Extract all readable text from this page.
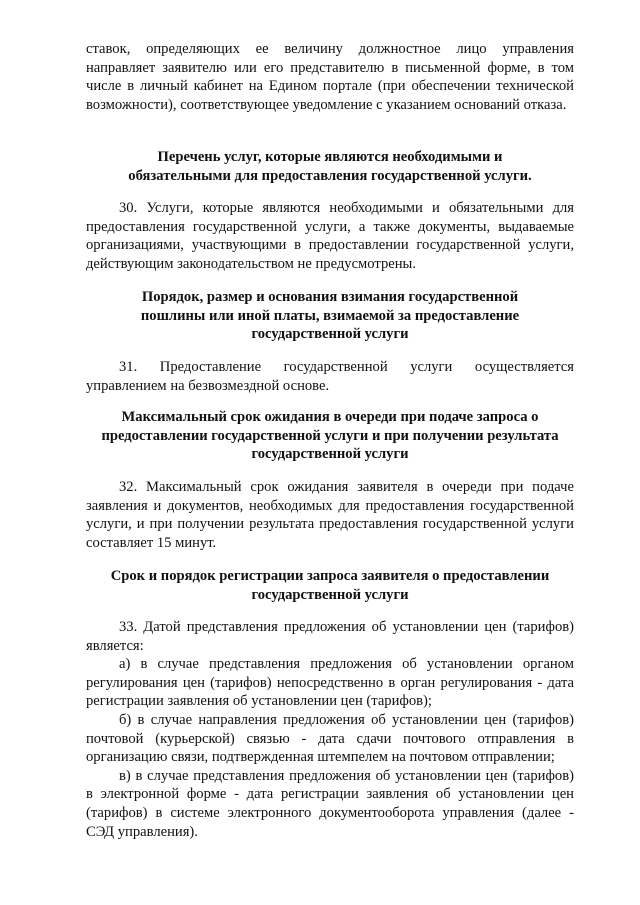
ставок, определяющих ее величину должностное лицо управления направляет заявителю или его представителю в письменной форме, в том числе в личный кабинет на Едином портале (при обеспечении технической возможности), соответствующее уведомление с указанием оснований отказа.

Перечень услуг, которые являются необходимыми и обязательными для предоставления государственной услуги.

30. Услуги, которые являются необходимыми и обязательными для предоставления государственной услуги, а также документы, выдаваемые организациями, участвующими в предоставлении государственной услуги, действующим законодательством не предусмотрены.

Порядок, размер и основания взимания государственной пошлины или иной платы, взимаемой за предоставление государственной услуги

31. Предоставление государственной услуги осуществляется управлением на безвозмездной основе.

Максимальный срок ожидания в очереди при подаче запроса о предоставлении государственной услуги и при получении результата государственной услуги

32. Максимальный срок ожидания заявителя в очереди при подаче заявления и документов, необходимых для предоставления государственной услуги, и при получении результата предоставления государственной услуги составляет 15 минут.

Срок и порядок регистрации запроса заявителя о предоставлении государственной услуги

33. Датой представления предложения об установлении цен (тарифов) является:

а) в случае представления предложения об установлении органом регулирования цен (тарифов) непосредственно в орган регулирования - дата регистрации заявления об установлении цен (тарифов);

б) в случае направления предложения об установлении цен (тарифов) почтовой (курьерской) связью - дата сдачи почтового отправления в организацию связи, подтвержденная штемпелем на почтовом отправлении;

в) в случае представления предложения об установлении цен (тарифов) в электронной форме - дата регистрации заявления об установлении цен (тарифов) в системе электронного документооборота управления (далее - СЭД управления).
